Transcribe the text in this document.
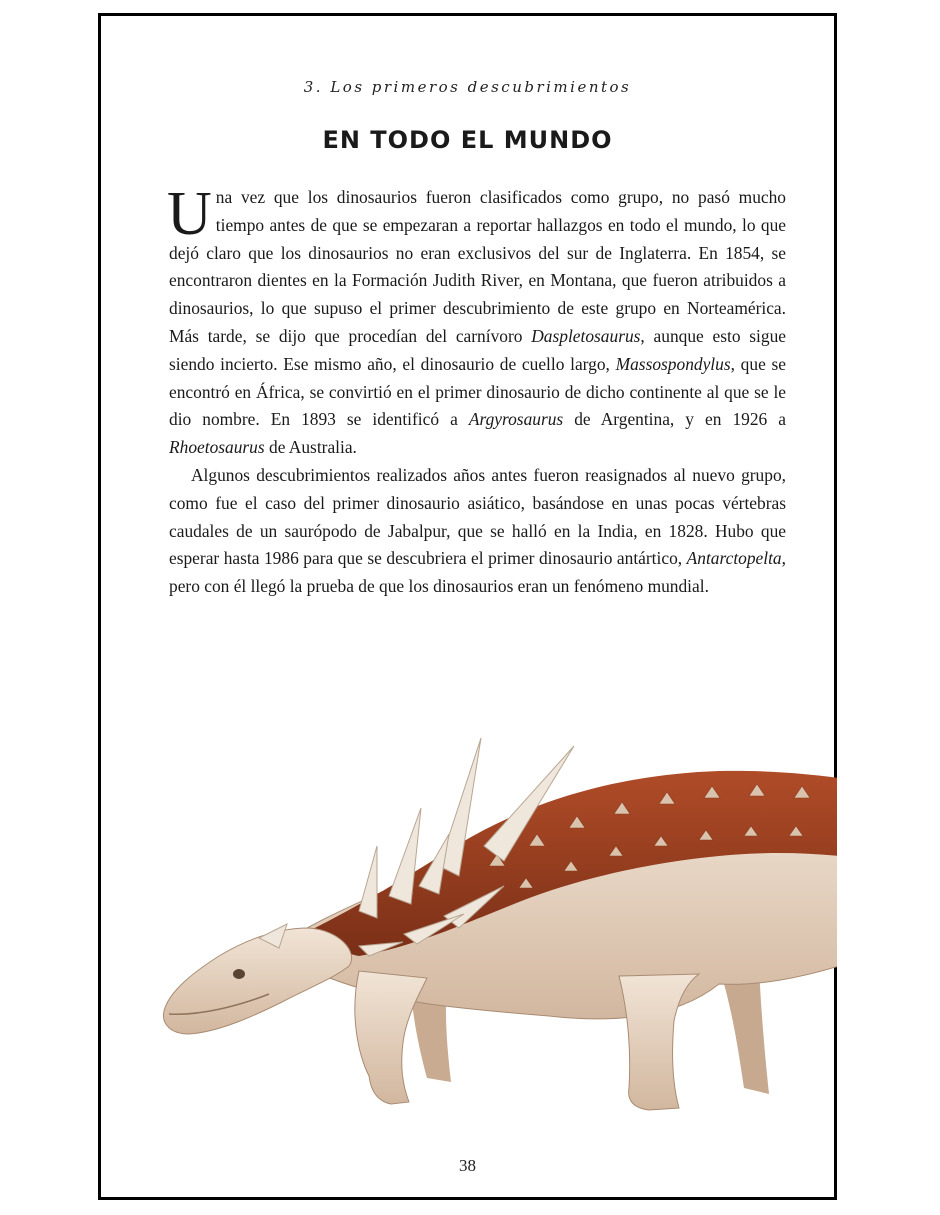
3. Los primeros descubrimientos
EN TODO EL MUNDO

Una vez que los dinosaurios fueron clasificados como grupo, no pasó mucho tiempo antes de que se empezaran a reportar hallazgos en todo el mundo, lo que dejó claro que los dinosaurios no eran exclusivos del sur de Inglaterra. En 1854, se encontraron dientes en la Formación Judith River, en Montana, que fueron atribuidos a dinosaurios, lo que supuso el primer descubrimiento de este grupo en Norteamérica. Más tarde, se dijo que procedían del carnívoro Daspletosaurus, aunque esto sigue siendo incierto. Ese mismo año, el dinosaurio de cuello largo, Massospondylus, que se encontró en África, se convirtió en el primer dinosaurio de dicho continente al que se le dio nombre. En 1893 se identificó a Argyrosaurus de Argentina, y en 1926 a Rhoetosaurus de Australia.

Algunos descubrimientos realizados años antes fueron reasignados al nuevo grupo, como fue el caso del primer dinosaurio asiático, basándose en unas pocas vértebras caudales de un saurópodo de Jabalpur, que se halló en la India, en 1828. Hubo que esperar hasta 1986 para que se descubriera el primer dinosaurio antártico, Antarctopelta, pero con él llegó la prueba de que los dinosaurios eran un fenómeno mundial.

38
